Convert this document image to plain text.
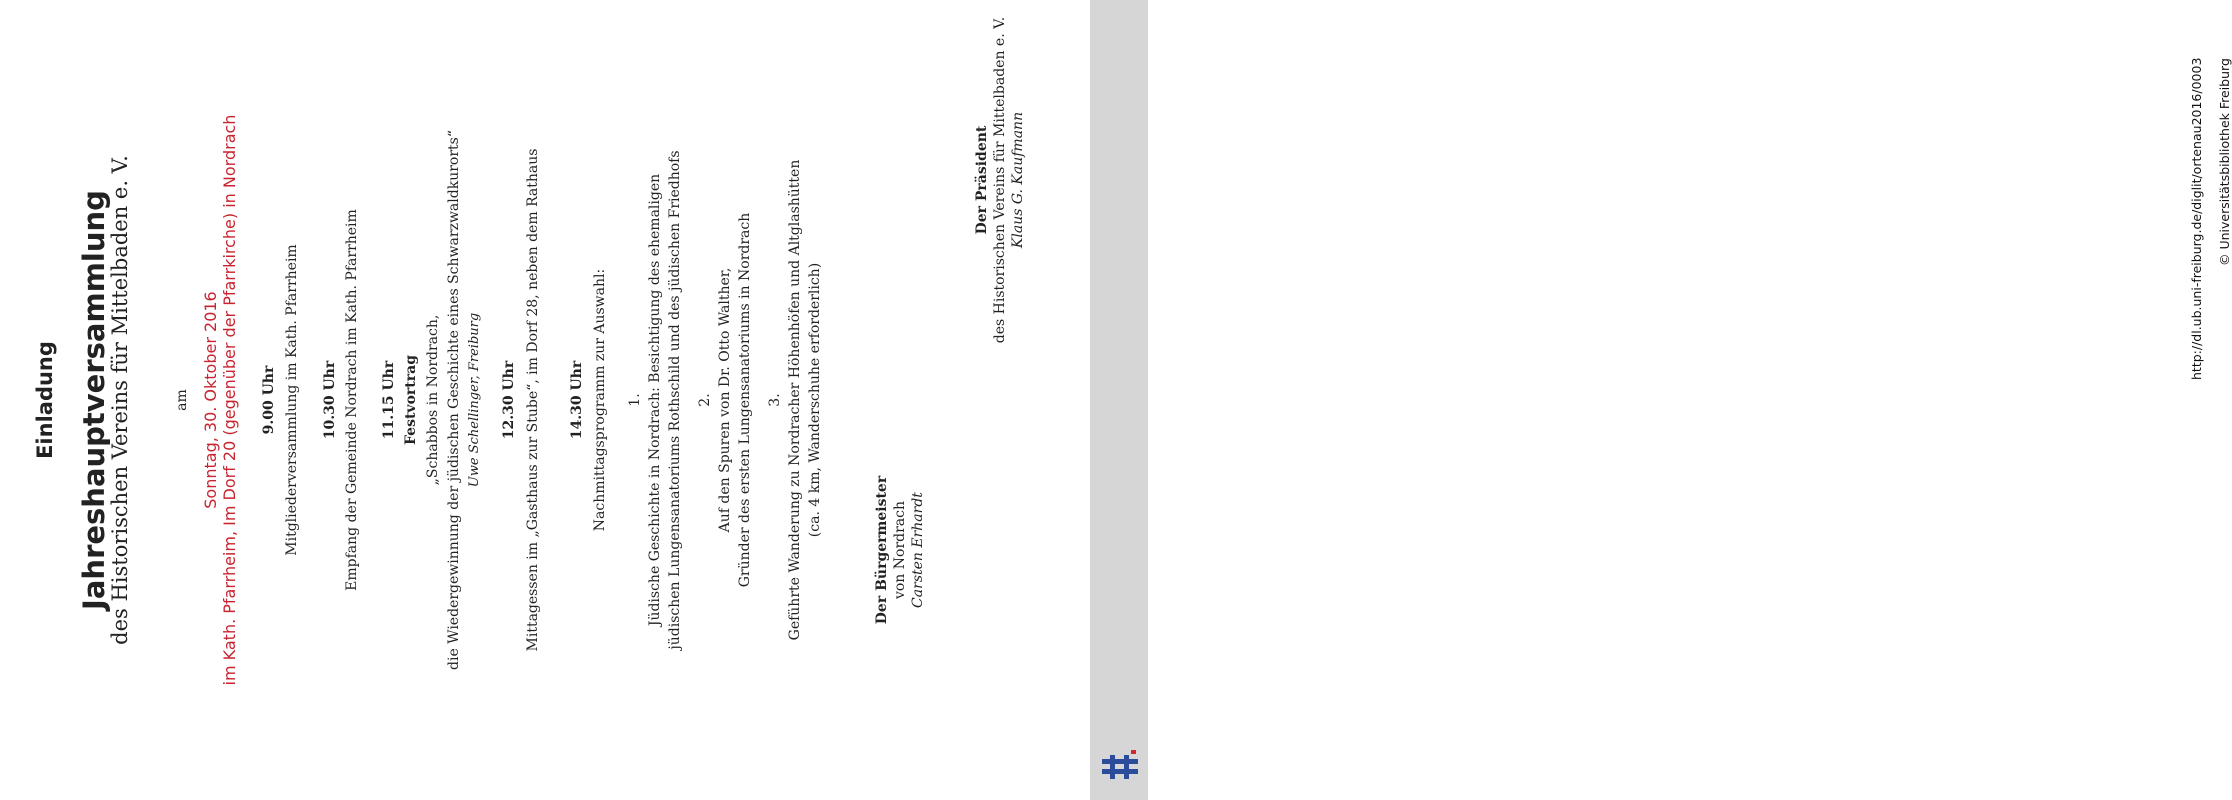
Einladung Jahreshauptversammlung
des Historischen Vereins für Mittelbaden e. V.	am Sonntag, 30. Oktober 2016 im Kath. Pfarrheim, Im Dorf 20 (gegenüber der Pfarrkirche) in Nordrach 9.00 Uhr Mitgliederversammlung im Kath. Pfarrheim 10.30 Uhr Empfang der Gemeinde Nordrach im Kath. Pfarrheim 11.15 Uhr Festvortrag „Schabbos in Nordrach, die Wiedergewinnung der jüdischen Geschichte eines Schwarzwaldkurorts“ Uwe Schellinger, Freiburg 12.30 Uhr Mittagessen im „Gasthaus zur Stube“, im Dorf 28, neben dem Rathaus 14.30 Uhr Nachmittagsprogramm zur Auswahl: 1. Jüdische Geschichte in Nordrach: Besichtigung des ehemaligen jüdischen Lungensanatoriums Rothschild und des jüdischen Friedhofs 2. Auf den Spuren von Dr. Otto Walther, Gründer des ersten Lungensanatoriums in Nordrach 3. Geführte Wanderung zu Nordracher Höhenhöfen und Altglashütten (ca. 4 km, Wanderschuhe erforderlich)
Der Bürgermeister von Nordrach Carsten Erhardt
Der Präsident des Historischen Vereins für Mittelbaden e. V. Klaus G. Kaufmann	http://dl.ub.uni-freiburg.de/diglit/ortenau2016/0003 © Universitätsbibliothek Freiburg
